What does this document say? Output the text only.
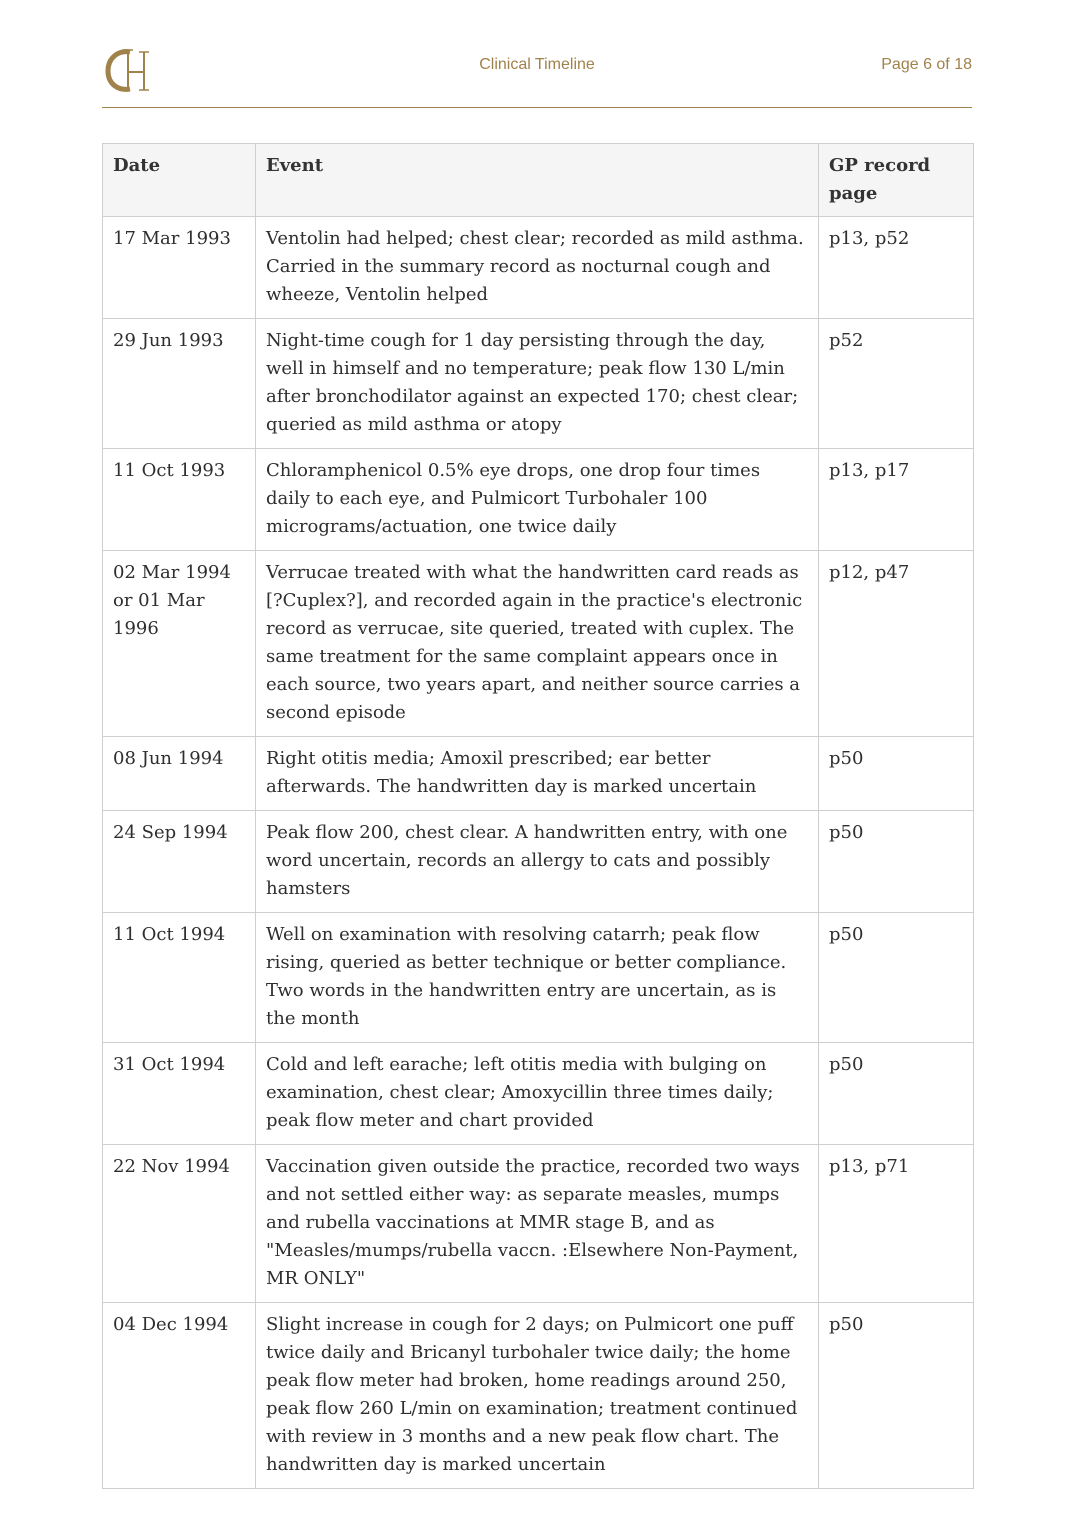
Clinical Timeline	Page 6 of 18
Date	Event	GP record page
17 Mar 1993	Ventolin had helped; chest clear; recorded as mild asthma. Carried in the summary record as nocturnal cough and wheeze, Ventolin helped	p13, p52
29 Jun 1993	Night-time cough for 1 day persisting through the day, well in himself and no temperature; peak flow 130 L/min after bronchodilator against an expected 170; chest clear; queried as mild asthma or atopy	p52
11 Oct 1993	Chloramphenicol 0.5% eye drops, one drop four times daily to each eye, and Pulmicort Turbohaler 100 micrograms/actuation, one twice daily	p13, p17
02 Mar 1994 or 01 Mar 1996	Verrucae treated with what the handwritten card reads as [?Cuplex?], and recorded again in the practice's electronic record as verrucae, site queried, treated with cuplex. The same treatment for the same complaint appears once in each source, two years apart, and neither source carries a second episode	p12, p47
08 Jun 1994	Right otitis media; Amoxil prescribed; ear better afterwards. The handwritten day is marked uncertain	p50
24 Sep 1994	Peak flow 200, chest clear. A handwritten entry, with one word uncertain, records an allergy to cats and possibly hamsters	p50
11 Oct 1994	Well on examination with resolving catarrh; peak flow rising, queried as better technique or better compliance. Two words in the handwritten entry are uncertain, as is the month	p50
31 Oct 1994	Cold and left earache; left otitis media with bulging on examination, chest clear; Amoxycillin three times daily; peak flow meter and chart provided	p50
22 Nov 1994	Vaccination given outside the practice, recorded two ways and not settled either way: as separate measles, mumps and rubella vaccinations at MMR stage B, and as "Measles/mumps/rubella vaccn. :Elsewhere Non-Payment, MR ONLY"	p13, p71
04 Dec 1994	Slight increase in cough for 2 days; on Pulmicort one puff twice daily and Bricanyl turbohaler twice daily; the home peak flow meter had broken, home readings around 250, peak flow 260 L/min on examination; treatment continued with review in 3 months and a new peak flow chart. The handwritten day is marked uncertain	p50
